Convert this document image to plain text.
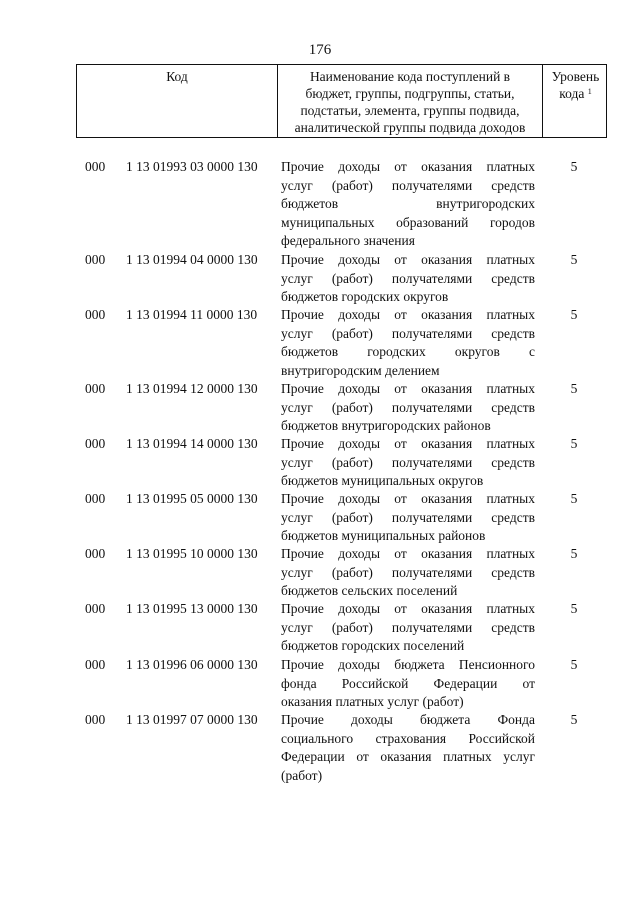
176
Код	Наименование кода поступлений в
бюджет, группы, подгруппы, статьи,
подстатьи, элемента, группы подвида,
аналитической группы подвида доходов
Уровень
кода $^1$
000 1 13 01993 03 0000 130 Прочие доходы от оказания платных
услуг (работ) получателями средств
бюджетов внутригородских
муниципальных образований городов
федерального значения
5
000 1 13 01994 04 0000 130 Прочие доходы от оказания платных
услуг (работ) получателями средств
бюджетов городских округов
5
000 1 13 01994 11 0000 130 Прочие доходы от оказания платных
услуг (работ) получателями средств
бюджетов городских округов с
внутригородским делением
5
000 1 13 01994 12 0000 130 Прочие доходы от оказания платных
услуг (работ) получателями средств
бюджетов внутригородских районов
5
000 1 13 01994 14 0000 130 Прочие доходы от оказания платных
услуг (работ) получателями средств
бюджетов муниципальных округов
5
000 1 13 01995 05 0000 130 Прочие доходы от оказания платных
услуг (работ) получателями средств
бюджетов муниципальных районов
5
000 1 13 01995 10 0000 130 Прочие доходы от оказания платных
услуг (работ) получателями средств
бюджетов сельских поселений
5
000 1 13 01995 13 0000 130 Прочие доходы от оказания платных
услуг (работ) получателями средств
бюджетов городских поселений
5
000 1 13 01996 06 0000 130 Прочие доходы бюджета Пенсионного
фонда Российской Федерации от
оказания платных услуг (работ)
5
000 1 13 01997 07 0000 130 Прочие доходы бюджета Фонда
социального страхования Российской
Федерации от оказания платных услуг
(работ)
5
